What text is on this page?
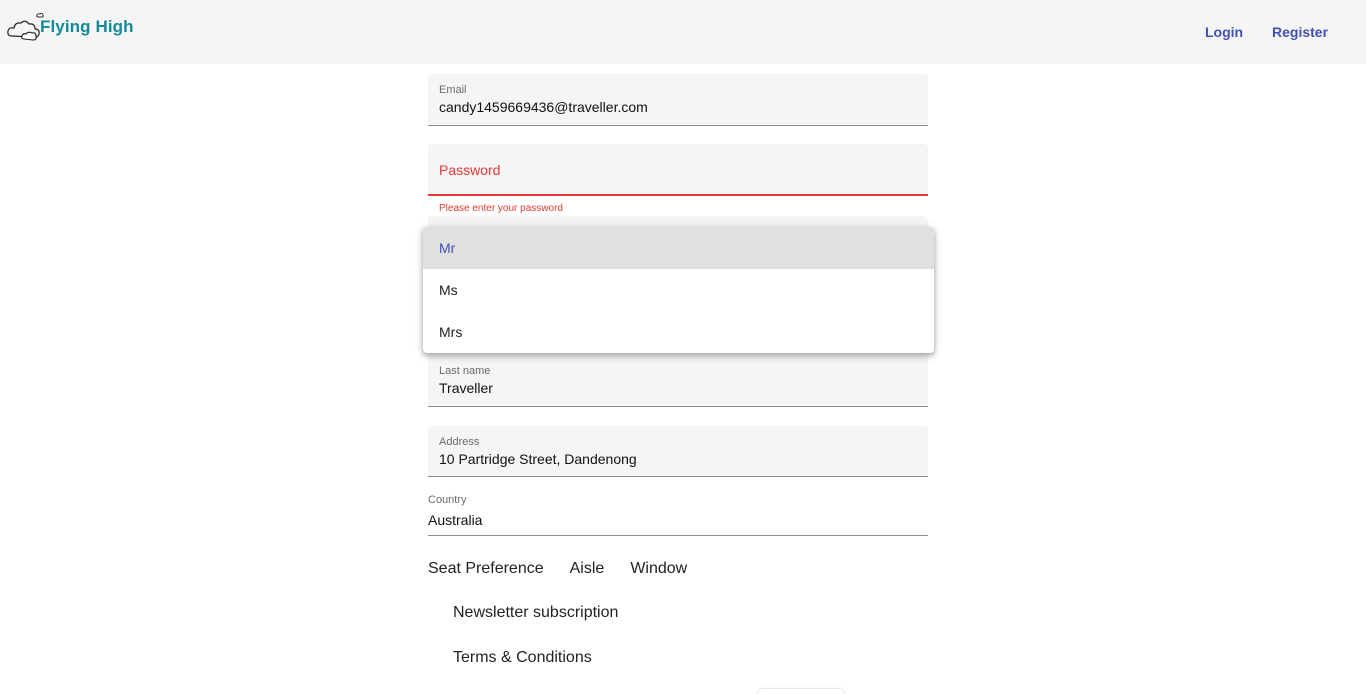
Flying High	Login Register
Email
candy1459669436@traveller.com
Password
Please enter your password
Last name
Traveller
Address
10 Partridge Street, Dandenong
Country
Australia
Seat Preference Aisle Window
Newsletter subscription
Terms & Conditions
Mr
Ms
Mrs
